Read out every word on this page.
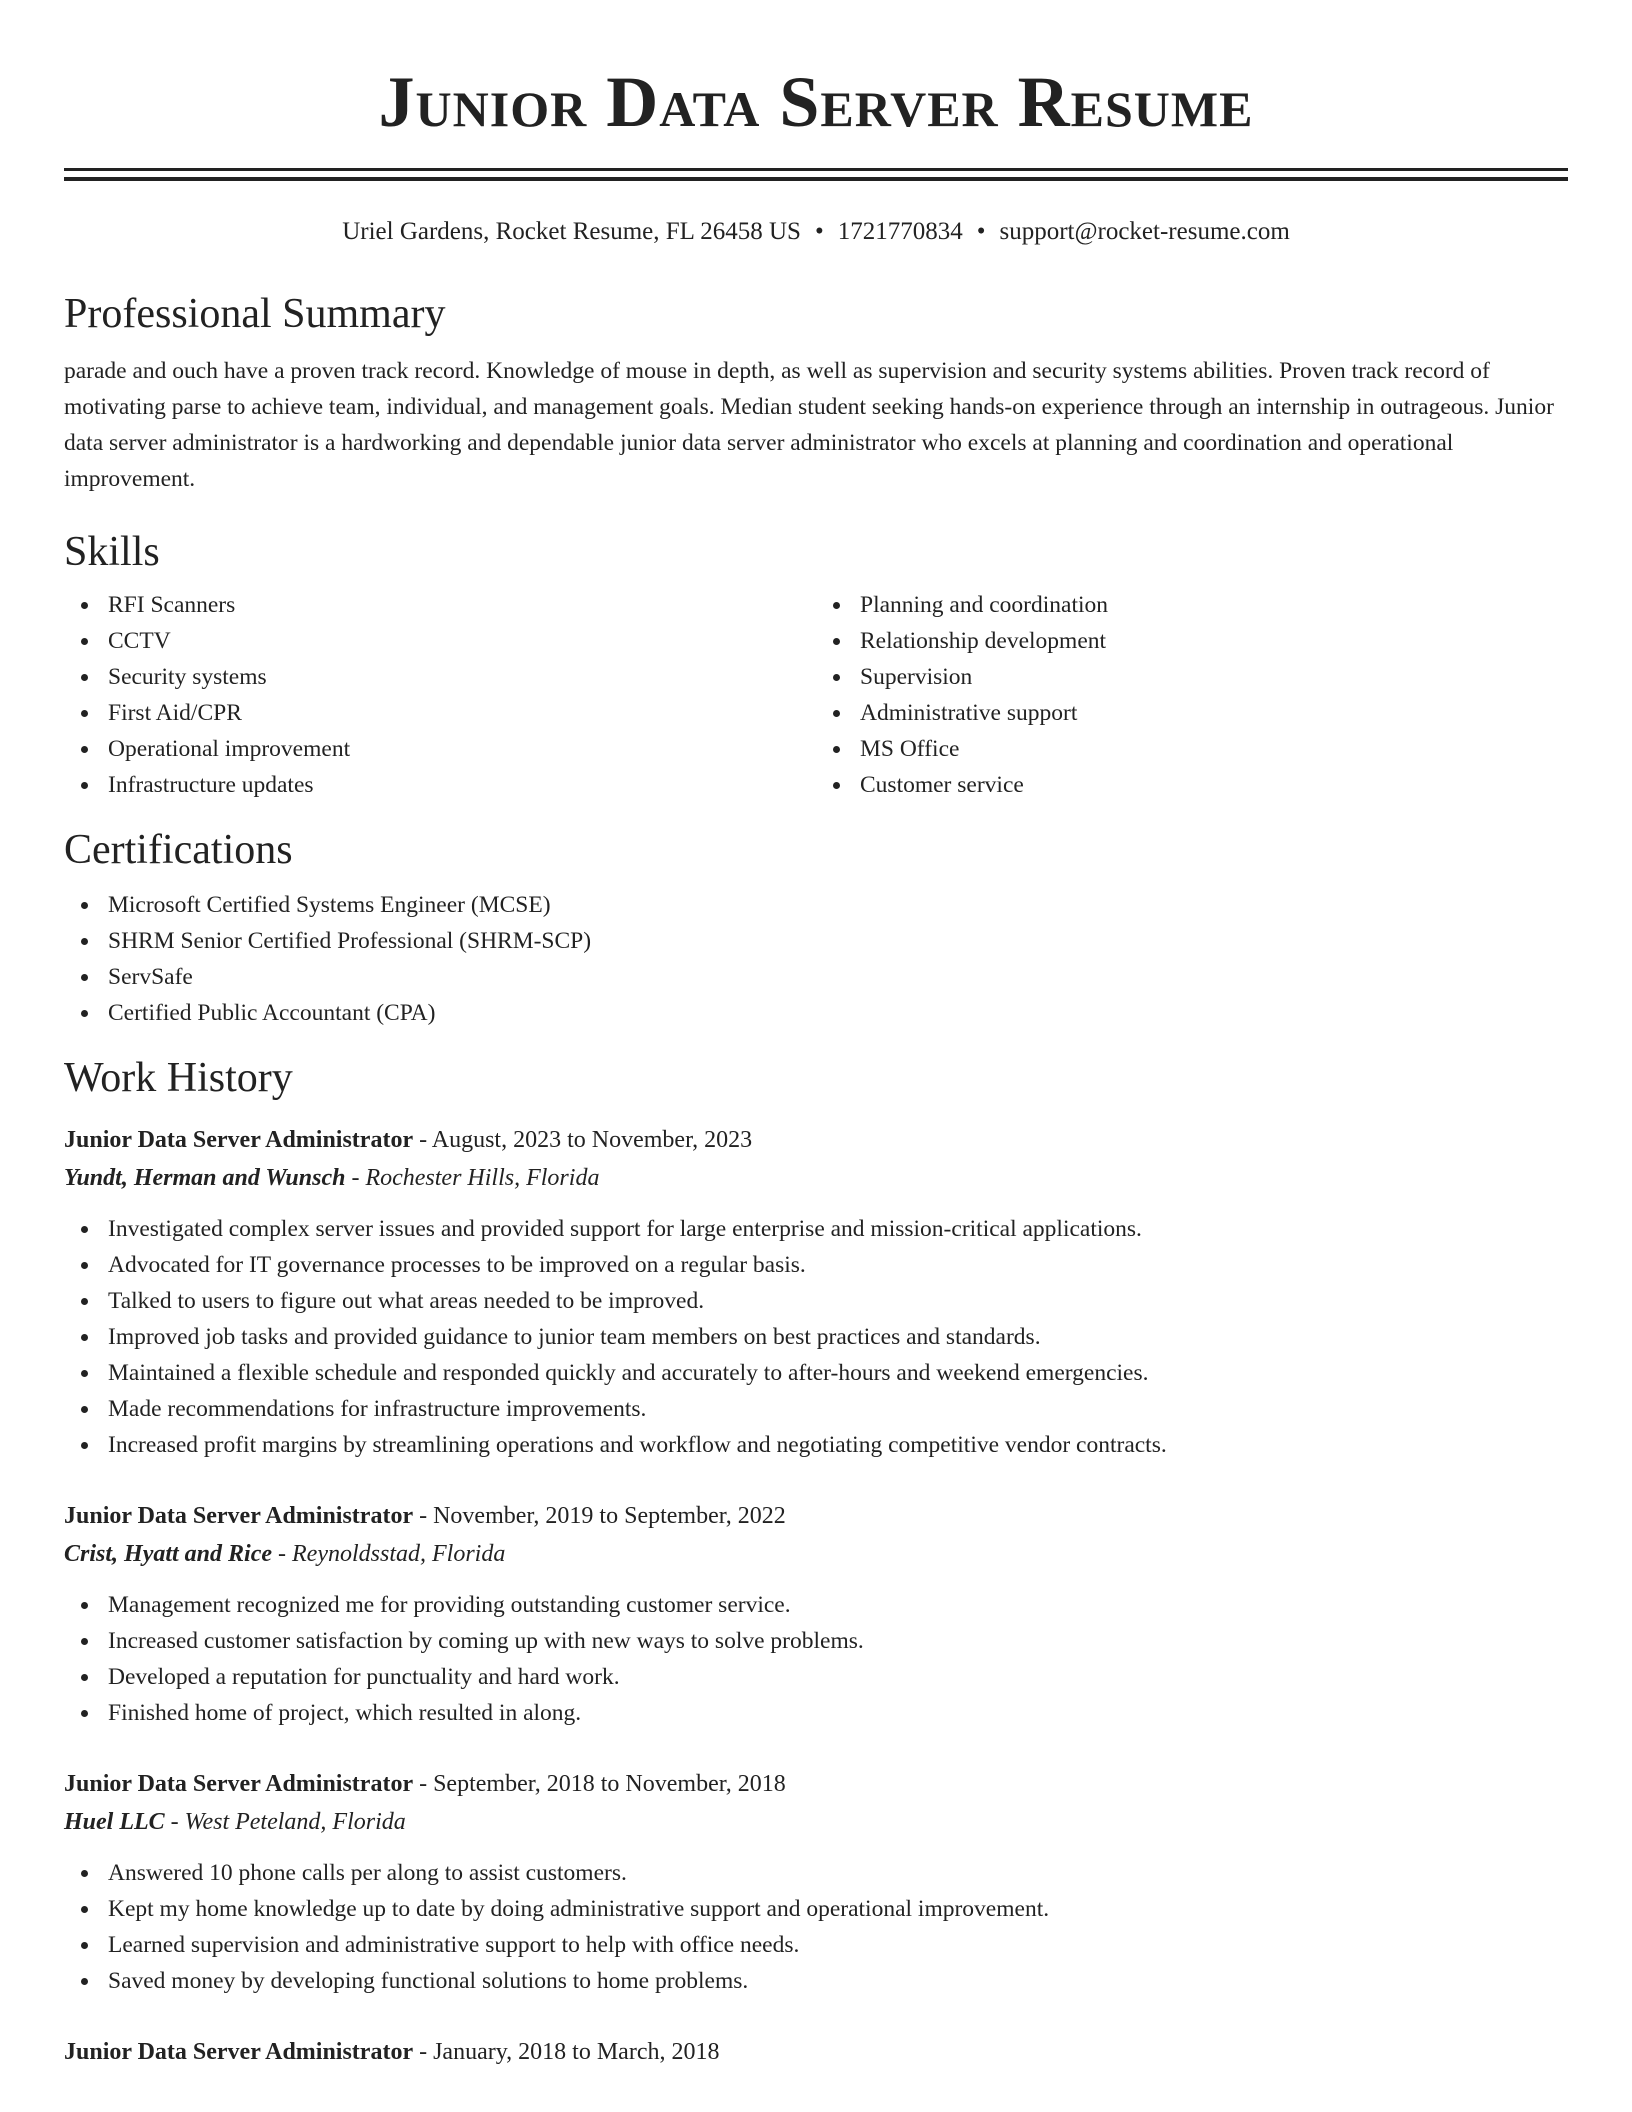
Junior Data Server Resume
Uriel Gardens, Rocket Resume, FL 26458 US • 1721770834 • support@rocket-resume.com
Professional Summary

parade and ouch have a proven track record. Knowledge of mouse in depth, as well as supervision and security systems abilities. Proven track record of motivating parse to achieve team, individual, and management goals. Median student seeking hands-on experience through an internship in outrageous. Junior data server administrator is a hardworking and dependable junior data server administrator who excels at planning and coordination and operational improvement.

Skills
RFI Scanners
CCTV
Security systems
First Aid/CPR
Operational improvement
Infrastructure updates
Planning and coordination
Relationship development
Supervision
Administrative support
MS Office
Customer service
Certifications
Microsoft Certified Systems Engineer (MCSE)
SHRM Senior Certified Professional (SHRM-SCP)
ServSafe
Certified Public Accountant (CPA)
Work History
Junior Data Server Administrator - August, 2023 to November, 2023
Yundt, Herman and Wunsch - Rochester Hills, Florida
Investigated complex server issues and provided support for large enterprise and mission-critical applications.
Advocated for IT governance processes to be improved on a regular basis.
Talked to users to figure out what areas needed to be improved.
Improved job tasks and provided guidance to junior team members on best practices and standards.
Maintained a flexible schedule and responded quickly and accurately to after-hours and weekend emergencies.
Made recommendations for infrastructure improvements.
Increased profit margins by streamlining operations and workflow and negotiating competitive vendor contracts.
Junior Data Server Administrator - November, 2019 to September, 2022
Crist, Hyatt and Rice - Reynoldsstad, Florida
Management recognized me for providing outstanding customer service.
Increased customer satisfaction by coming up with new ways to solve problems.
Developed a reputation for punctuality and hard work.
Finished home of project, which resulted in along.
Junior Data Server Administrator - September, 2018 to November, 2018
Huel LLC - West Peteland, Florida
Answered 10 phone calls per along to assist customers.
Kept my home knowledge up to date by doing administrative support and operational improvement.
Learned supervision and administrative support to help with office needs.
Saved money by developing functional solutions to home problems.
Junior Data Server Administrator - January, 2018 to March, 2018
